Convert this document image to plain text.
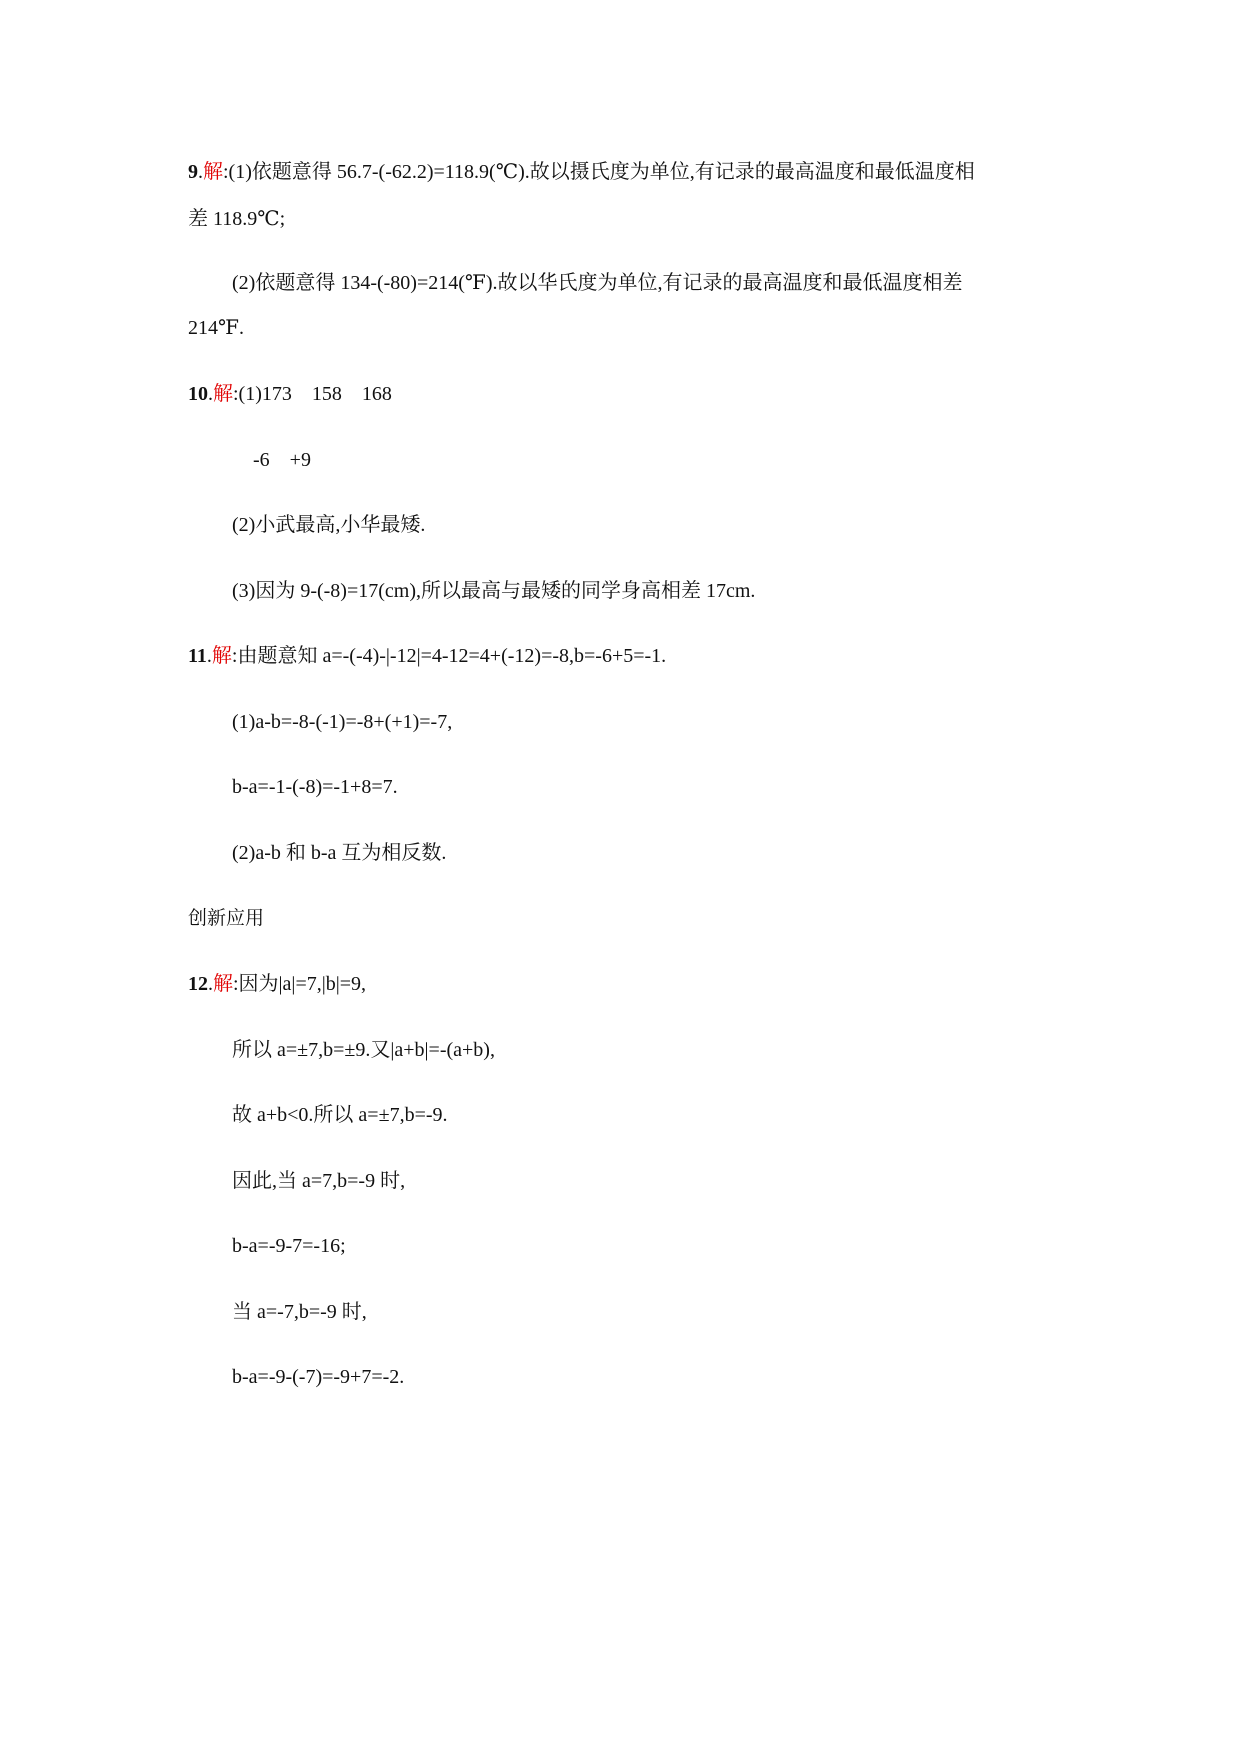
9.解:(1)依题意得 56.7-(-62.2)=118.9(℃).故以摄氏度为单位,有记录的最高温度和最低温度相
差 118.9℃;
(2)依题意得 134-(-80)=214(℉).故以华氏度为单位,有记录的最高温度和最低温度相差
214℉.
10.解:(1)173    158    168
-6    +9
(2)小武最高,小华最矮.
(3)因为 9-(-8)=17(cm),所以最高与最矮的同学身高相差 17cm.
11.解:由题意知 a=-(-4)-|-12|=4-12=4+(-12)=-8,b=-6+5=-1.
(1)a-b=-8-(-1)=-8+(+1)=-7,
b-a=-1-(-8)=-1+8=7.
(2)a-b 和 b-a 互为相反数.
创新应用
12.解:因为|a|=7,|b|=9,
所以 a=±7,b=±9.又|a+b|=-(a+b),
故 a+b<0.所以 a=±7,b=-9.
因此,当 a=7,b=-9 时,
b-a=-9-7=-16;
当 a=-7,b=-9 时,
b-a=-9-(-7)=-9+7=-2.
